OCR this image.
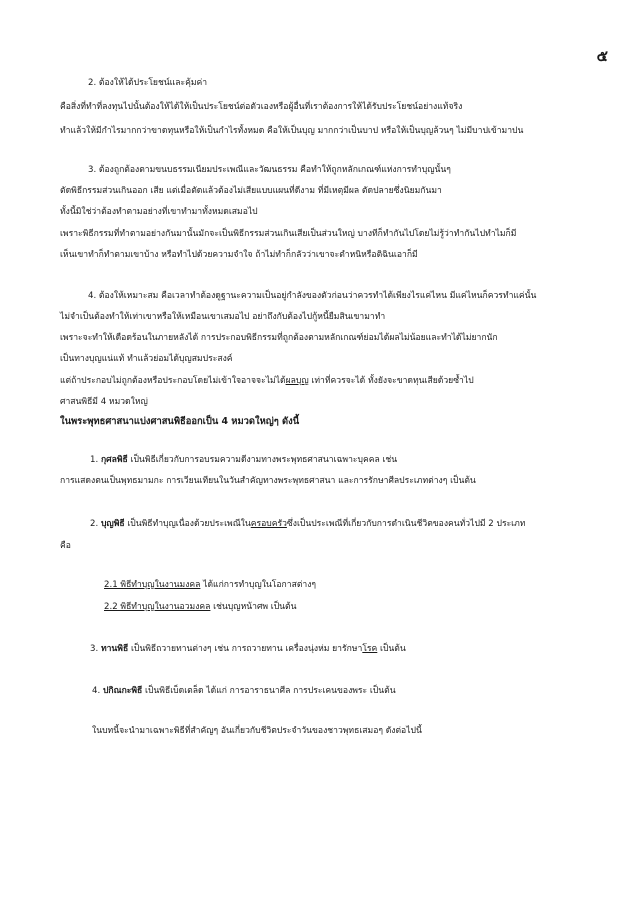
๕
2. ต้องให้ได้ประโยชน์และคุ้มค่า
คือสิ่งที่ทำที่ลงทุนไปนั้นต้องให้ได้ให้เป็นประโยชน์ต่อตัวเองหรือผู้อื่นที่เราต้องการให้ได้รับประโยชน์อย่างแท้จริง
ทำแล้วให้มีกำไรมากกว่าขาดทุนหรือให้เป็นกำไรทั้งหมด คือให้เป็นบุญ มากกว่าเป็นบาป หรือให้เป็นบุญล้วนๆ ไม่มีบาปเข้ามาปน
3. ต้องถูกต้องตามขนบธรรมเนียมประเพณีและวัฒนธรรม คือทำให้ถูกหลักเกณฑ์แห่งการทำบุญนั้นๆ
ตัดพิธีกรรมส่วนเกินออก เสีย แต่เมื่อตัดแล้วต้องไม่เสียแบบแผนที่ดีงาม ที่มีเหตุมีผล ตัดปลายซึ่งนิยมกันมา
ทั้งนี้มิใช่ว่าต้องทำตามอย่างที่เขาทำมาทั้งหมดเสมอไป
เพราะพิธีกรรมที่ทำตามอย่างกันมานั้นมักจะเป็นพิธีกรรมส่วนเกินเสียเป็นส่วนใหญ่ บางทีก็ทำกันไปโดยไม่รู้ว่าทำกันไปทำไมก็มี
เห็นเขาทำก็ทำตามเขาบ้าง หรือทำไปด้วยความจำใจ ถ้าไม่ทำก็กลัวว่าเขาจะตำหนิหรือติฉินเอาก็มี
4. ต้องให้เหมาะสม คือเวลาทำต้องดูฐานะความเป็นอยู่กำลังของตัวก่อนว่าควรทำได้เพียงไรแค่ไหน มีแค่ไหนก็ควรทำแค่นั้น
ไม่จำเป็นต้องทำให้เท่าเขาหรือให้เหมือนเขาเสมอไป อย่าถึงกับต้องไปกู้หนี้ยืมสินเขามาทำ
เพราะจะทำให้เดือดร้อนในภายหลังได้ การประกอบพิธีกรรมที่ถูกต้องตามหลักเกณฑ์ย่อมได้ผลไม่น้อยและทำได้ไม่ยากนัก
เป็นทางบุญแน่แท้ ทำแล้วย่อมได้บุญสมประสงค์
แต่ถ้าประกอบไม่ถูกต้องหรือประกอบโดยไม่เข้าใจอาจจะไม่ได้ผลบุญ เท่าที่ควรจะได้ ทั้งยังจะขาดทุนเสียด้วยซ้ำไป
ศาสนพิธีมี 4 หมวดใหญ่
ในพระพุทธศาสนาแบ่งศาสนพิธีออกเป็น 4 หมวดใหญ่ๆ ดังนี้
1. กุศลพิธี เป็นพิธีเกี่ยวกับการอบรมความดีงามทางพระพุทธศาสนาเฉพาะบุคคล เช่น
การแสดงตนเป็นพุทธมามกะ การเวียนเทียนในวันสำคัญทางพระพุทธศาสนา และการรักษาศีลประเภทต่างๆ เป็นต้น
2. บุญพิธี เป็นพิธีทำบุญเนื่องด้วยประเพณีในครอบครัวซึ่งเป็นประเพณีที่เกี่ยวกับการดำเนินชีวิตของคนทั่วไปมี 2 ประเภท
คือ
2.1 พิธีทำบุญในงานมงคล ได้แก่การทำบุญในโอกาสต่างๆ
2.2 พิธีทำบุญในงานอวมงคล เช่นบุญหน้าศพ เป็นต้น
3. ทานพิธี เป็นพิธีถวายทานต่างๆ เช่น การถวายทาน เครื่องนุ่งห่ม ยารักษาโรค เป็นต้น
4. ปกิณกะพิธี เป็นพิธีเบ็ดเตล็ด ได้แก่ การอาราธนาศีล การประเคนของพระ เป็นต้น
ในบทนี้จะนำมาเฉพาะพิธีที่สำคัญๆ อันเกี่ยวกับชีวิตประจำวันของชาวพุทธเสมอๆ ดังต่อไปนี้
